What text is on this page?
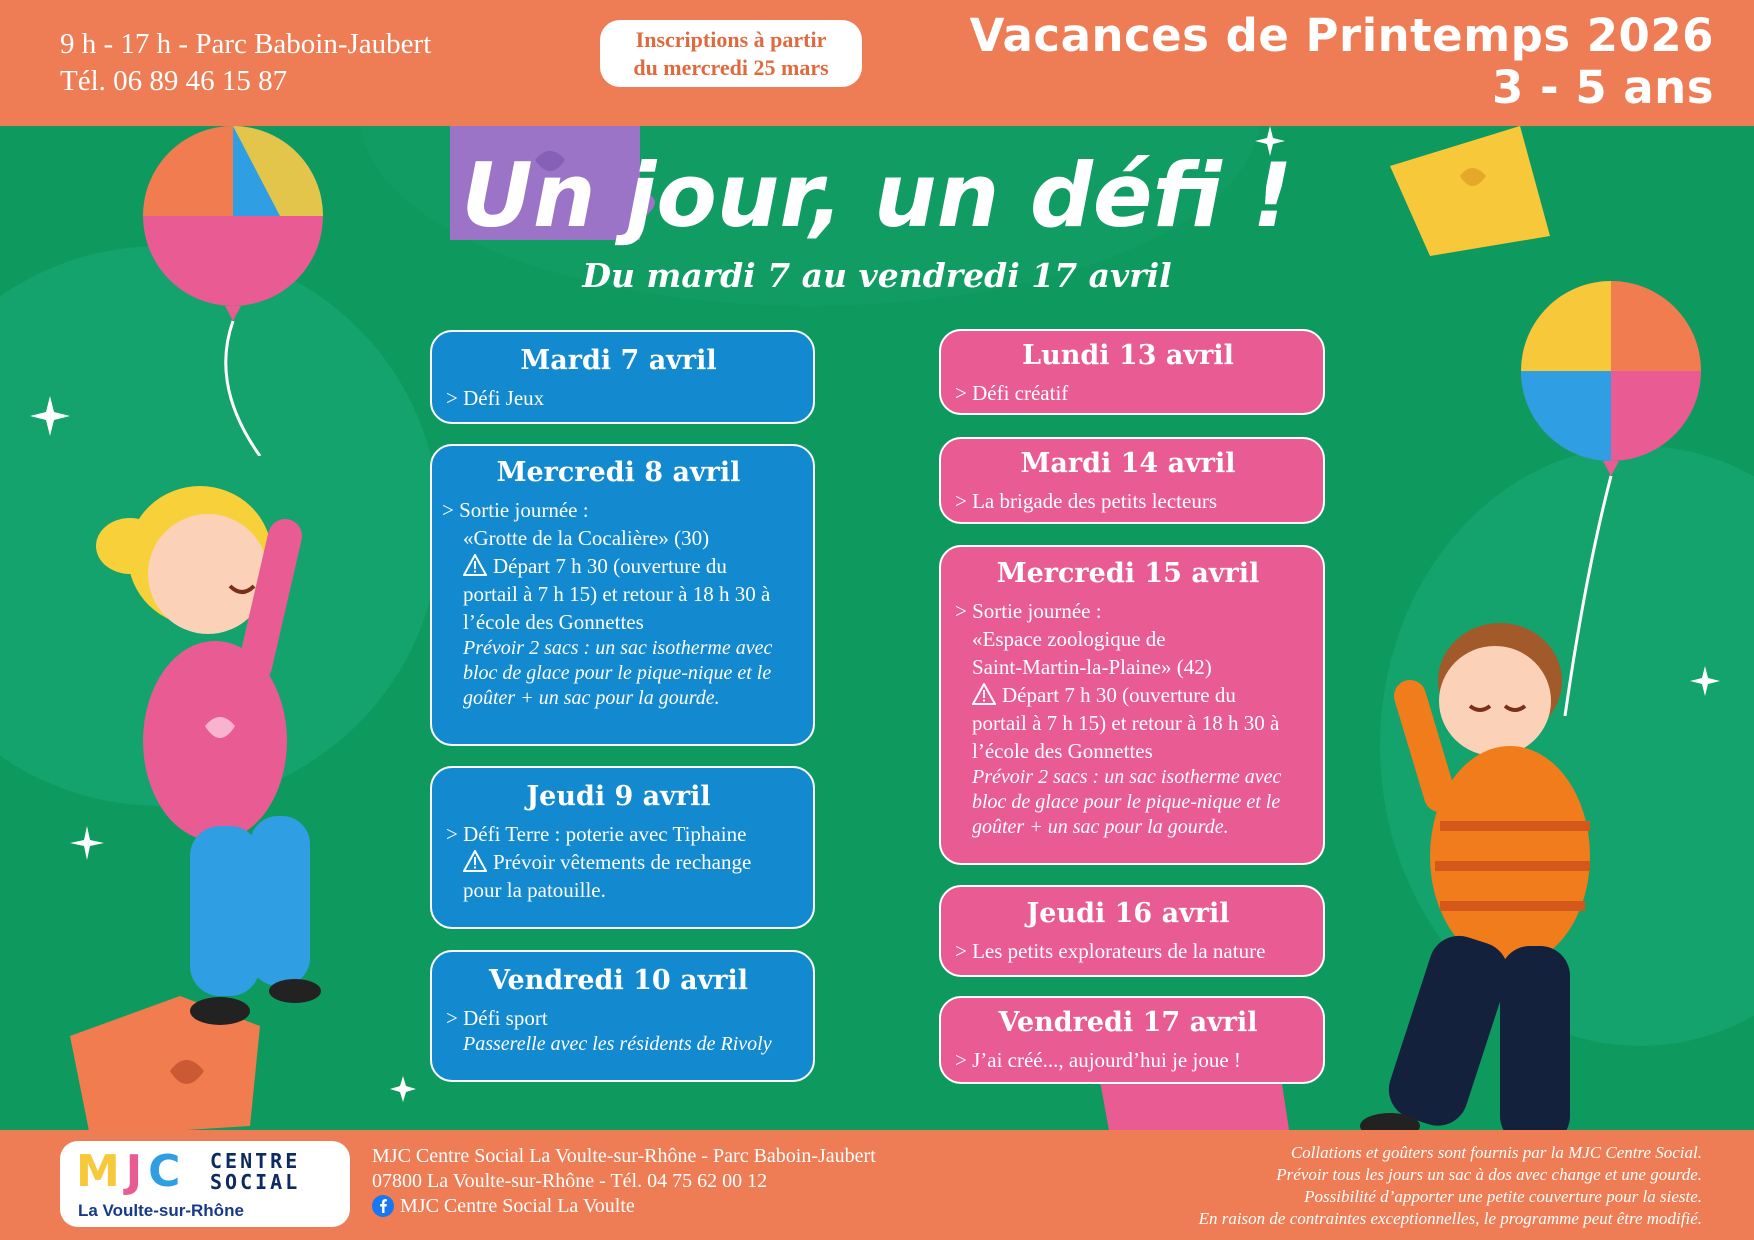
9 h - 17 h - Parc Baboin-Jaubert
Tél. 06 89 46 15 87
Inscriptions à partir
du mercredi 25 mars
Vacances de Printemps 2026
3 - 5 ans
Un jour, un défi !
Du mardi 7 au vendredi 17 avril
Mardi 7 avril
> Défi Jeux
Mercredi 8 avril
> Sortie journée :
«Grotte de la Cocalière» (30)
Départ 7 h 30 (ouverture du
portail à 7 h 15) et retour à 18 h 30 à
l’école des Gonnettes
Prévoir 2 sacs : un sac isotherme avec
bloc de glace pour le pique-nique et le
goûter + un sac pour la gourde.
Jeudi 9 avril
> Défi Terre : poterie avec Tiphaine
Prévoir vêtements de rechange
pour la patouille.
Vendredi 10 avril
> Défi sport
Passerelle avec les résidents de Rivoly
Lundi 13 avril
> Défi créatif
Mardi 14 avril
> La brigade des petits lecteurs
Mercredi 15 avril
> Sortie journée :
«Espace zoologique de
Saint-Martin-la-Plaine» (42)
Départ 7 h 30 (ouverture du
portail à 7 h 15) et retour à 18 h 30 à
l’école des Gonnettes
Prévoir 2 sacs : un sac isotherme avec
bloc de glace pour le pique-nique et le
goûter + un sac pour la gourde.
Jeudi 16 avril
> Les petits explorateurs de la nature
Vendredi 17 avril
> J’ai créé..., aujourd’hui je joue !
MJC CENTRE
SOCIAL
La Voulte-sur-Rhône
MJC Centre Social La Voulte-sur-Rhône - Parc Baboin-Jaubert
07800 La Voulte-sur-Rhône - Tél. 04 75 62 00 12
MJC Centre Social La Voulte
Collations et goûters sont fournis par la MJC Centre Social.
Prévoir tous les jours un sac à dos avec change et une gourde.
Possibilité d’apporter une petite couverture pour la sieste.
En raison de contraintes exceptionnelles, le programme peut être modifié.
